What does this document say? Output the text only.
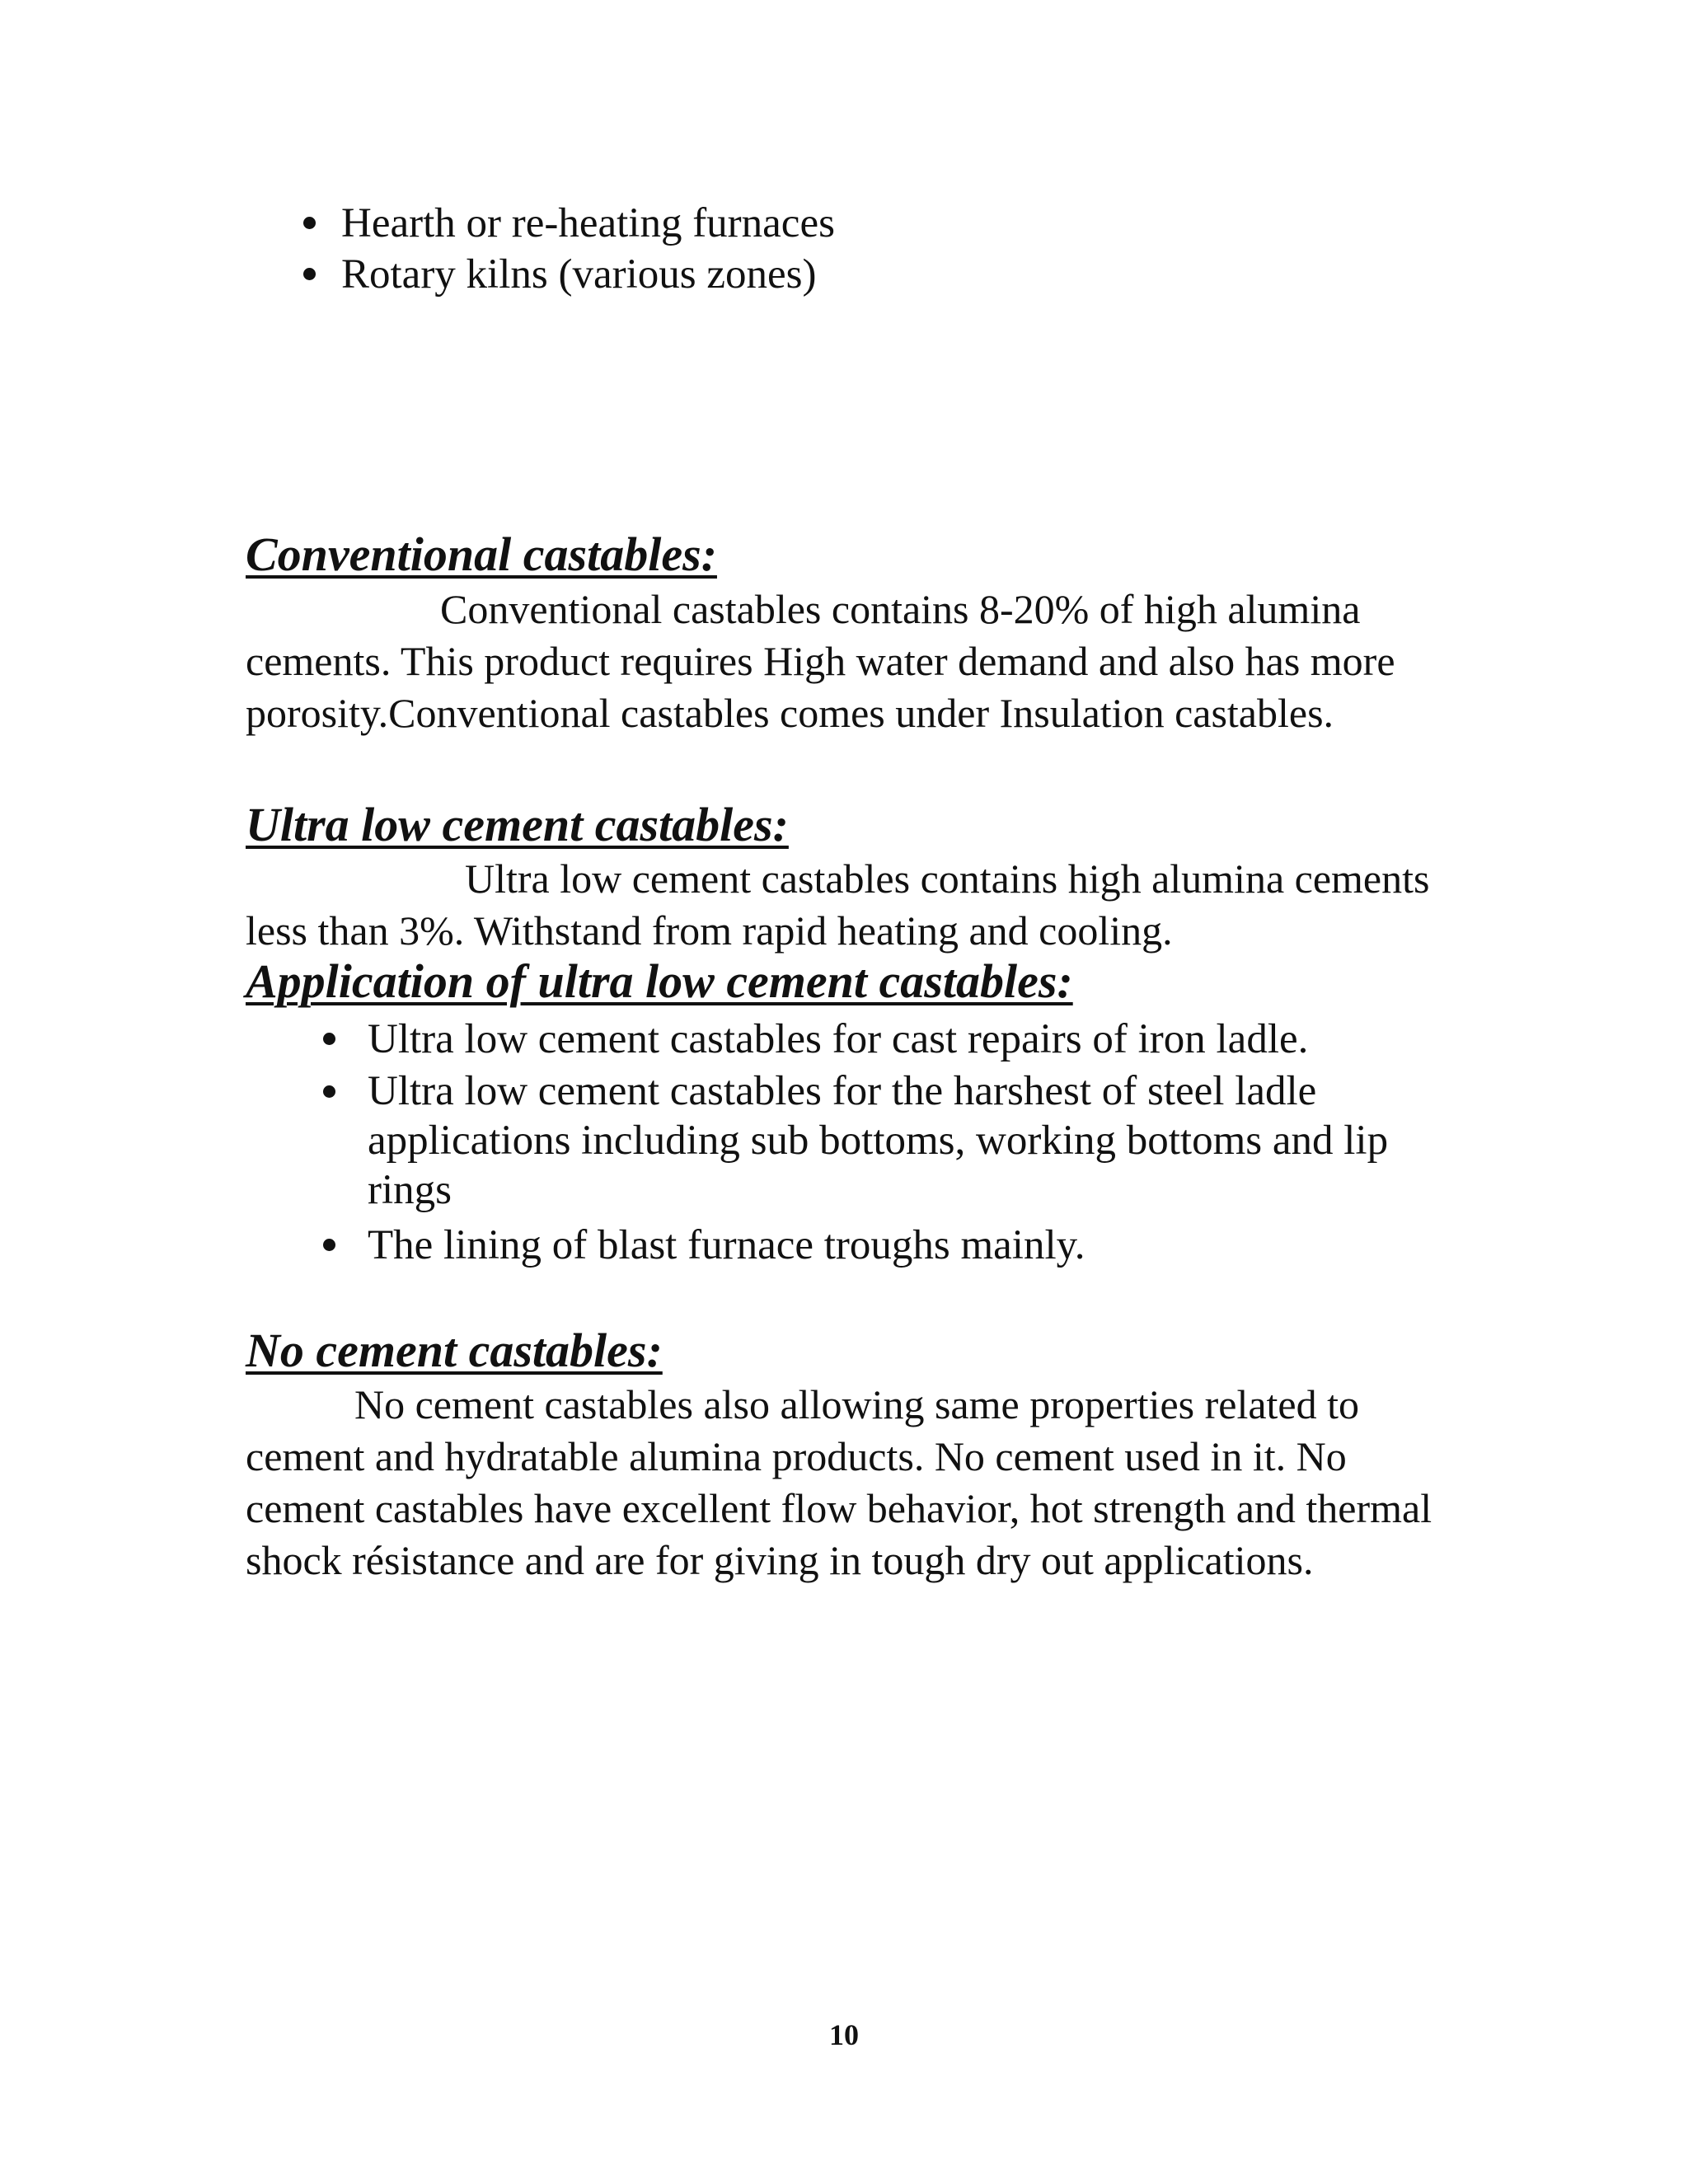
Hearth or re-heating furnaces
Rotary kilns (various zones)
Conventional castables:

Conventional castables contains 8-20% of high alumina
cements. This product requires High water demand and also has more
porosity.Conventional castables comes under Insulation castables.

Ultra low cement castables:

Ultra low cement castables contains high alumina cements
less than 3%. Withstand from rapid heating and cooling.

Application of ultra low cement castables:
Ultra low cement castables for cast repairs of iron ladle.
Ultra low cement castables for the harshest of steel ladle
applications including sub bottoms, working bottoms and lip
rings
The lining of blast furnace troughs mainly.
No cement castables:

No cement castables also allowing same properties related to
cement and hydratable alumina products. No cement used in it. No
cement castables have excellent flow behavior, hot strength and thermal
shock résistance and are for giving in tough dry out applications.

10
